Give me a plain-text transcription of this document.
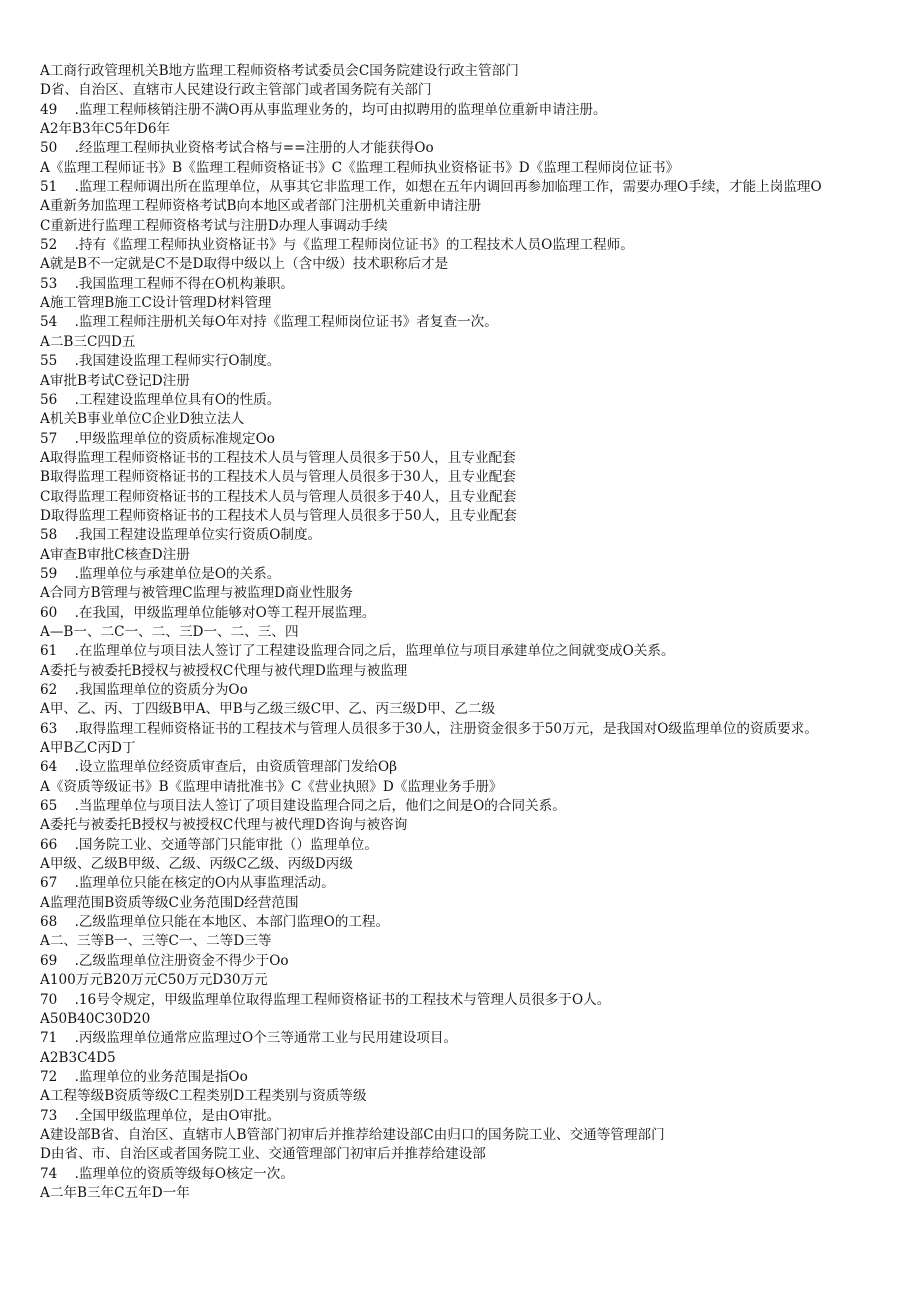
A工商行政管理机关B地方监理工程师资格考试委员会C国务院建设行政主管部门

D省、自治区、直辖市人民建设行政主管部门或者国务院有关部门

49	.监理工程师核销注册不满O再从事监理业务的，均可由拟聘用的监理单位重新申请注册。

A2年B3年C5年D6年

50	.经监理工程师执业资格考试合格与==注册的人才能获得Oo

A《监理工程师证书》B《监理工程师资格证书》C《监理工程师执业资格证书》D《监理工程师岗位证书》

51	.监理工程师调出所在监理单位，从事其它非监理工作，如想在五年内调回再参加临理工作，需要办理O手续，才能上岗监理O

A重新务加监理工程师资格考试B向本地区或者部门注册机关重新申请注册

C重新进行监理工程师资格考试与注册D办理人事调动手续

52	.持有《监理工程师执业资格证书》与《监理工程师岗位证书》的工程技术人员O监理工程师。

A就是B不一定就是C不是D取得中级以上（含中级）技术职称后才是

53	.我国监理工程师不得在O机构兼职。

A施工管理B施工C设计管理D材料管理

54	.监理工程师注册机关每O年对持《监理工程师岗位证书》者复查一次。

A二B三C四D五

55	.我国建设监理工程师实行O制度。

A审批B考试C登记D注册

56	.工程建设监理单位具有O的性质。

A机关B事业单位C企业D独立法人

57	.甲级监理单位的资质标准规定Oo

A取得监理工程师资格证书的工程技术人员与管理人员很多于50人，且专业配套

B取得监理工程师资格证书的工程技术人员与管理人员很多于30人，且专业配套

C取得监理工程师资格证书的工程技术人员与管理人员很多于40人，且专业配套

D取得监理工程师资格证书的工程技术人员与管理人员很多于50人，且专业配套

58	.我国工程建设监理单位实行资质O制度。

A审查B审批C核查D注册

59	.监理单位与承建单位是O的关系。

A合同方B管理与被管理C监理与被监理D商业性服务

60	.在我国，甲级监理单位能够对O等工程开展监理。

A—B一、二C一、二、三D一、二、三、四

61	.在监理单位与项目法人签订了工程建设监理合同之后，监理单位与项目承建单位之间就变成O关系。

A委托与被委托B授权与被授权C代理与被代理D监理与被监理

62	.我国监理单位的资质分为Oo

A甲、乙、丙、丁四级B甲A、甲B与乙级三级C甲、乙、丙三级D甲、乙二级

63	.取得监理工程师资格证书的工程技术与管理人员很多于30人，注册资金很多于50万元，是我国对O级监理单位的资质要求。

A甲B乙C丙D丁

64	.设立监理单位经资质审查后，由资质管理部门发给Oβ

A《资质等级证书》B《监理申请批准书》C《营业执照》D《监理业务手册》

65	.当监理单位与项目法人签订了项目建设监理合同之后，他们之间是O的合同关系。

A委托与被委托B授权与被授权C代理与被代理D咨询与被咨询

66	.国务院工业、交通等部门只能审批（）监理单位。

A甲级、乙级B甲级、乙级、丙级C乙级、丙级D丙级

67	.监理单位只能在核定的O内从事监理活动。

A监理范围B资质等级C业务范围D经营范围

68	.乙级监理单位只能在本地区、本部门监理O的工程。

A二、三等B一、三等C一、二等D三等

69	.乙级监理单位注册资金不得少于Oo

A100万元B20万元C50万元D30万元

70	.16号令规定，甲级监理单位取得监理工程师资格证书的工程技术与管理人员很多于O人。

A50B40C30D20

71	.丙级监理单位通常应监理过O个三等通常工业与民用建设项目。

A2B3C4D5

72	.监理单位的业务范围是指Oo

A工程等级B资质等级C工程类别D工程类别与资质等级

73	.全国甲级监理单位，是由O审批。

A建设部B省、自治区、直辖市人B管部门初审后并推荐给建设部C由归口的国务院工业、交通等管理部门

D由省、市、自治区或者国务院工业、交通管理部门初审后并推荐给建设部

74	.监理单位的资质等级每O核定一次。

A二年B三年C五年D一年
